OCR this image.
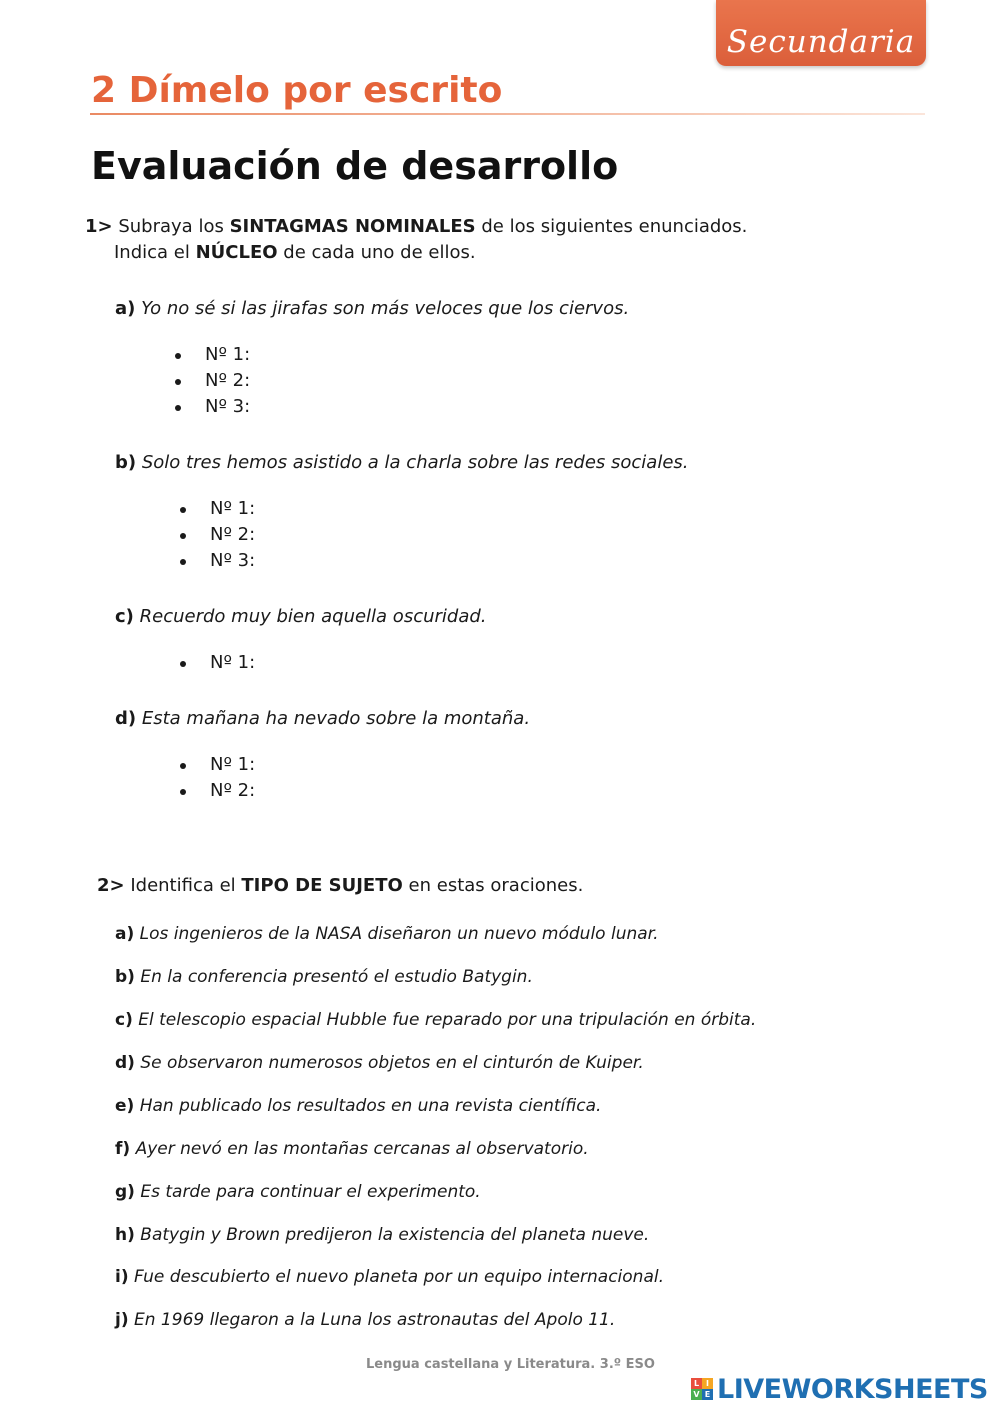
Secundaria
2 Dímelo por escrito
Evaluación de desarrollo
1> Subraya los SINTAGMAS NOMINALES de los siguientes enunciados.
Indica el NÚCLEO de cada uno de ellos.
a) Yo no sé si las jirafas son más veloces que los ciervos.
Nº 1:
Nº 2:
Nº 3:
b) Solo tres hemos asistido a la charla sobre las redes sociales.
Nº 1:
Nº 2:
Nº 3:
c) Recuerdo muy bien aquella oscuridad.
Nº 1:
d) Esta mañana ha nevado sobre la montaña.
Nº 1:
Nº 2:
2> Identifica el TIPO DE SUJETO en estas oraciones.
a) Los ingenieros de la NASA diseñaron un nuevo módulo lunar.
b) En la conferencia presentó el estudio Batygin.
c) El telescopio espacial Hubble fue reparado por una tripulación en órbita.
d) Se observaron numerosos objetos en el cinturón de Kuiper.
e) Han publicado los resultados en una revista científica.
f) Ayer nevó en las montañas cercanas al observatorio.
g) Es tarde para continuar el experimento.
h) Batygin y Brown predijeron la existencia del planeta nueve.
i) Fue descubierto el nuevo planeta por un equipo internacional.
j) En 1969 llegaron a la Luna los astronautas del Apolo 11.
Lengua castellana y Literatura. 3.º ESO
L I
V E LIVEWORKSHEETS
